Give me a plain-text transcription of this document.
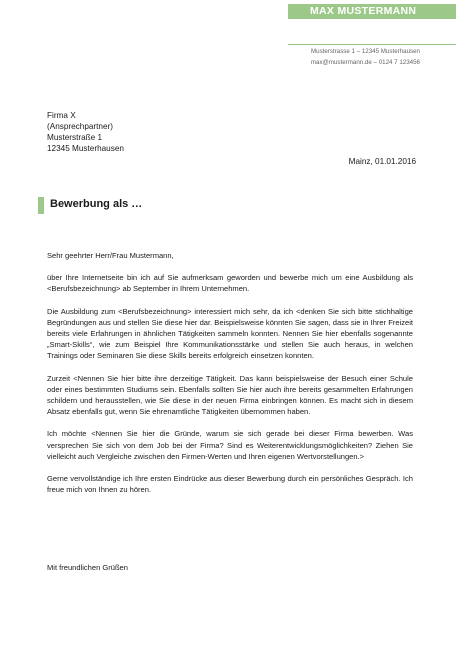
MAX MUSTERMANN
Musterstrasse 1 – 12345 Musterhausen
max@mustermann.de – 0124 7 123456
Firma X
(Ansprechpartner)
Musterstraße 1
12345 Musterhausen
Mainz, 01.01.2016
Bewerbung als …

Sehr geehrter Herr/Frau Mustermann,

über Ihre Internetseite bin ich auf Sie aufmerksam geworden und bewerbe mich um eine Ausbildung als <Berufsbezeichnung> ab September in Ihrem Unternehmen.

Die Ausbildung zum <Berufsbezeichnung> interessiert mich sehr, da ich <denken Sie sich bitte stichhaltige Begründungen aus und stellen Sie diese hier dar. Beispielsweise könnten Sie sagen, dass sie in Ihrer Freizeit bereits viele Erfahrungen in ähnlichen Tätigkeiten sammeln konnten. Nennen Sie hier ebenfalls sogenannte „Smart-Skills“, wie zum Beispiel Ihre Kommunikationsstärke und stellen Sie auch heraus, in welchen Trainings oder Seminaren Sie diese Skills bereits erfolgreich einsetzen konnten.

Zurzeit <Nennen Sie hier bitte ihre derzeitige Tätigkeit. Das kann beispielsweise der Besuch einer Schule oder eines bestimmten Studiums sein. Ebenfalls sollten Sie hier auch ihre bereits gesammelten Erfahrungen schildern und herausstellen, wie Sie diese in der neuen Firma einbringen können. Es macht sich in diesem Absatz ebenfalls gut, wenn Sie ehrenamtliche Tätigkeiten übernommen haben.

Ich möchte <Nennen Sie hier die Gründe, warum sie sich gerade bei dieser Firma bewerben. Was versprechen Sie sich von dem Job bei der Firma? Sind es Weiterentwicklungsmöglichkeiten? Ziehen Sie vielleicht auch Vergleiche zwischen den Firmen-Werten und Ihren eigenen Wertvorstellungen.>

Gerne vervollständige ich Ihre ersten Eindrücke aus dieser Bewerbung durch ein persönliches Gespräch. Ich freue mich von Ihnen zu hören.

Mit freundlichen Grüßen
